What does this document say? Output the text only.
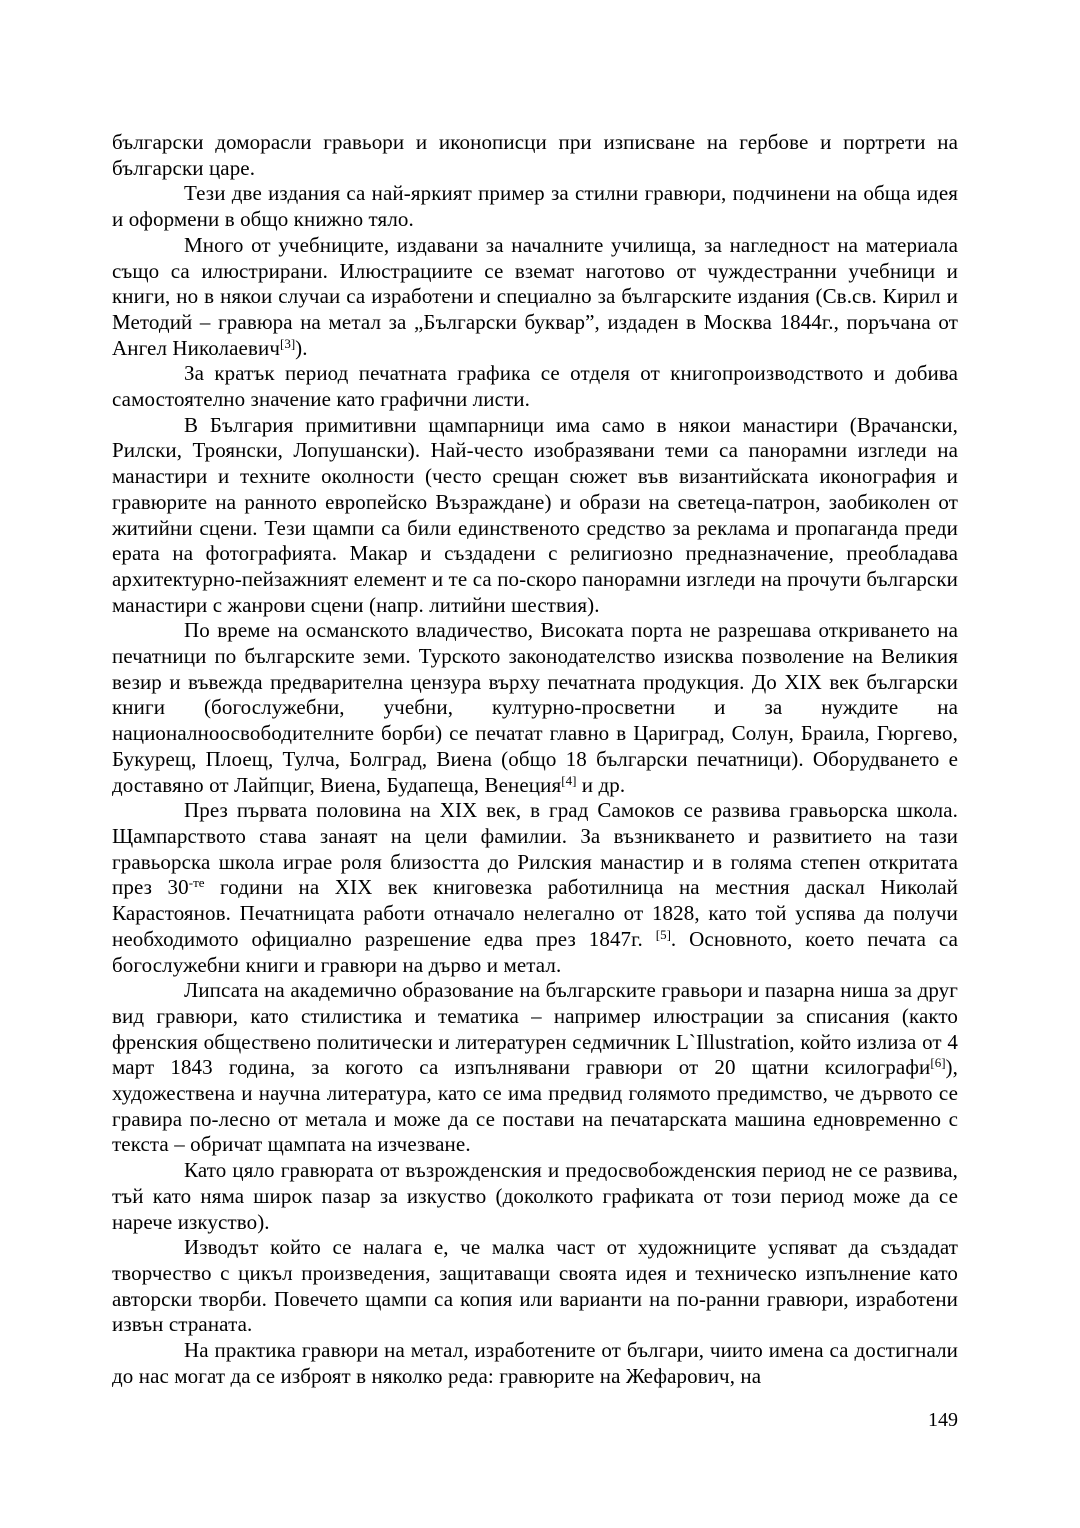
български доморасли гравьори и иконописци при изписване на гербове и портрети на български царе.

Тези две издания са най-яркият пример за стилни гравюри, подчинени на обща идея и оформени в общо книжно тяло.

Много от учебниците, издавани за началните училища, за нагледност на материала също са илюстрирани. Илюстрациите се вземат наготово от чуждестранни учебници и книги, но в някои случаи са изработени и специално за българските издания (Св.св. Кирил и Методий – гравюра на метал за „Български буквар”, издаден в Москва 1844г., поръчана от Ангел Николаевич[3]).

За кратък период печатната графика се отделя от книгопроизводството и добива самостоятелно значение като графични листи.

В България примитивни щампарници има само в някои манастири (Врачански, Рилски, Троянски, Лопушански). Най-често изобразявани теми са панорамни изгледи на манастири и техните околности (често срещан сюжет във византийската иконография и гравюрите на ранното европейско Възраждане) и образи на светеца-патрон, заобиколен от житийни сцени. Тези щампи са били единственото средство за реклама и пропаганда преди ерата на фотографията. Макар и създадени с религиозно предназначение, преобладава архитектурно-пейзажният елемент и те са по-скоро панорамни изгледи на прочути български манастири с жанрови сцени (напр. литийни шествия).

По време на османското владичество, Високата порта не разрешава откриването на печатници по българските земи. Турското законодателство изисква позволение на Великия везир и въвежда предварителна цензура върху печатната продукция. До XIX век български книги (богослужебни, учебни, културно-просветни и за нуждите на националноосвободителните борби) се печатат главно в Цариград, Солун, Браила, Гюргево, Букурещ, Плоещ, Тулча, Болград, Виена (общо 18 български печатници). Оборудването е доставяно от Лайпциг, Виена, Будапеща, Венеция[4] и др.

През първата половина на XIX век, в град Самоков се развива гравьорска школа. Щампарството става занаят на цели фамилии. За възникването и развитието на тази гравьорска школа играе роля близостта до Рилския манастир и в голяма степен откритата през 30$^{-те}$ години на XIX век книговезка работилница на местния даскал Николай Карастоянов. Печатницата работи отначало нелегално от 1828, като той успява да получи необходимото официално разрешение едва през 1847г. [5]. Основното, което печата са богослужебни книги и гравюри на дърво и метал.

Липсата на академично образование на българските гравьори и пазарна ниша за друг вид гравюри, като стилистика и тематика – например илюстрации за списания (както френския обществено политически и литературен седмичник L`Illustration, който излиза от 4 март 1843 година, за когото са изпълнявани гравюри от 20 щатни ксилографи[6]), художествена и научна литература, като се има предвид голямото предимство, че дървото се гравира по-лесно от метала и може да се постави на печатарската машина едновременно с текста – обричат щампата на изчезване.

Като цяло гравюрата от възрожденския и предосвобожденския период не се развива, тъй като няма широк пазар за изкуство (доколкото графиката от този период може да се нарече изкуство).

Изводът който се налага е, че малка част от художниците успяват да създадат творчество с цикъл произведения, защитаващи своята идея и техническо изпълнение като авторски творби. Повечето щампи са копия или варианти на по-ранни гравюри, изработени извън страната.

На практика гравюри на метал, изработените от българи, чиито имена са достигнали до нас могат да се изброят в няколко реда: гравюрите на Жефарович, на

149
